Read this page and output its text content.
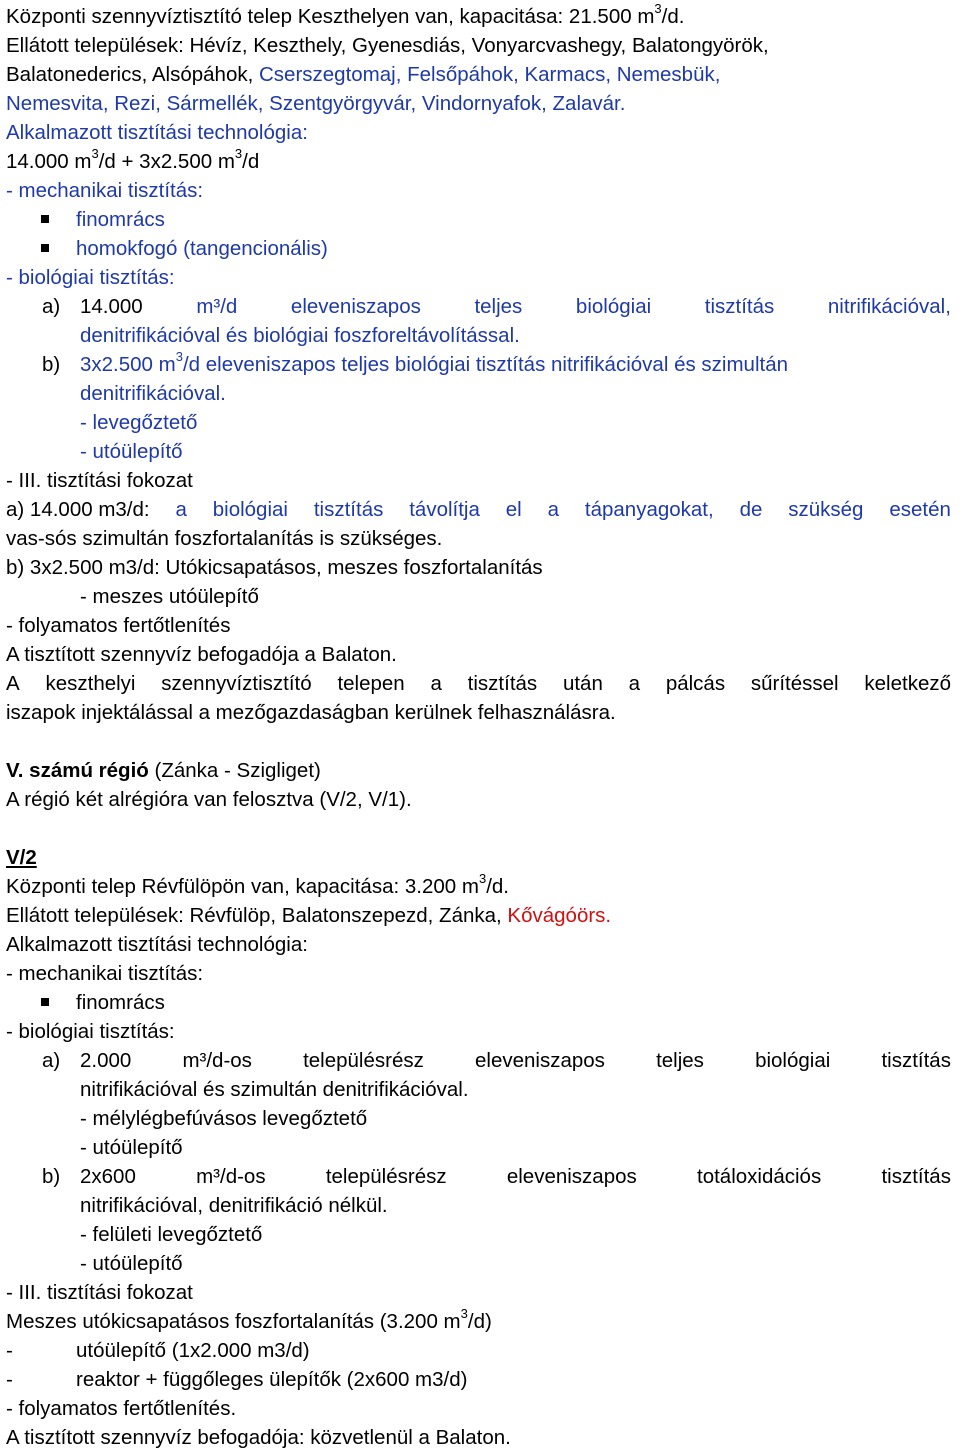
Központi szennyvíztisztító telep Keszthelyen van, kapacitása: 21.500 $m^3/d$.
Ellátott települések: Hévíz, Keszthely, Gyenesdiás, Vonyarcvashegy, Balatongyörök,
Balatonederics, Alsópáhok, Cserszegtomaj, Felsőpáhok, Karmacs, Nemesbük,
Nemesvita, Rezi, Sármellék, Szentgyörgyvár, Vindornyafok, Zalavár.
Alkalmazott tisztítási technológia:
14.000 $m^3/d + 3x2.500$ $m^3/d$
- mechanikai tisztítás:
finomrács
homokfogó (tangencionális)
- biológiai tisztítás:
a) 14.000	m³/d	eleveniszapos	teljes	biológiai	tisztítás	nitrifikációval,
denitrifikációval és biológiai foszforeltávolítással.
b) 3x2.500 $m^3/d$ eleveniszapos teljes biológiai tisztítás nitrifikációval és szimultán
denitrifikációval.
- levegőztető
- utóülepítő
- III. tisztítási fokozat
a) 14.000 m3/d: a biológiai tisztítás távolítja el a tápanyagokat, de szükség esetén
vas-sós szimultán foszfortalanítás is szükséges.
b) 3x2.500 m3/d: Utókicsapatásos, meszes foszfortalanítás
- meszes utóülepítő
- folyamatos fertőtlenítés
A tisztított szennyvíz befogadója a Balaton.
A keszthelyi szennyvíztisztító telepen a tisztítás után a pálcás sűrítéssel keletkező
iszapok injektálással a mezőgazdaságban kerülnek felhasználásra.
V. számú régió (Zánka - Szigliget)
A régió két alrégióra van felosztva (V/2, V/1).
V/2
Központi telep Révfülöpön van, kapacitása: 3.200 $m^3/d$.
Ellátott települések: Révfülöp, Balatonszepezd, Zánka, Kővágóörs.
Alkalmazott tisztítási technológia:
- mechanikai tisztítás:
finomrács
- biológiai tisztítás:
a) 2.000 m³/d-os településrész eleveniszapos teljes biológiai tisztítás
nitrifikációval és szimultán denitrifikációval.
- mélylégbefúvásos levegőztető
- utóülepítő
b) 2x600	m³/d-os	településrész	eleveniszapos	totáloxidációs	tisztítás
nitrifikációval, denitrifikáció nélkül.
- felületi levegőztető
- utóülepítő
- III. tisztítási fokozat
Meszes utókicsapatásos foszfortalanítás (3.200 $m^3/d$)
-	utóülepítő (1x2.000 m3/d)
-	reaktor + függőleges ülepítők (2x600 m3/d)
- folyamatos fertőtlenítés.
A tisztított szennyvíz befogadója: közvetlenül a Balaton.
